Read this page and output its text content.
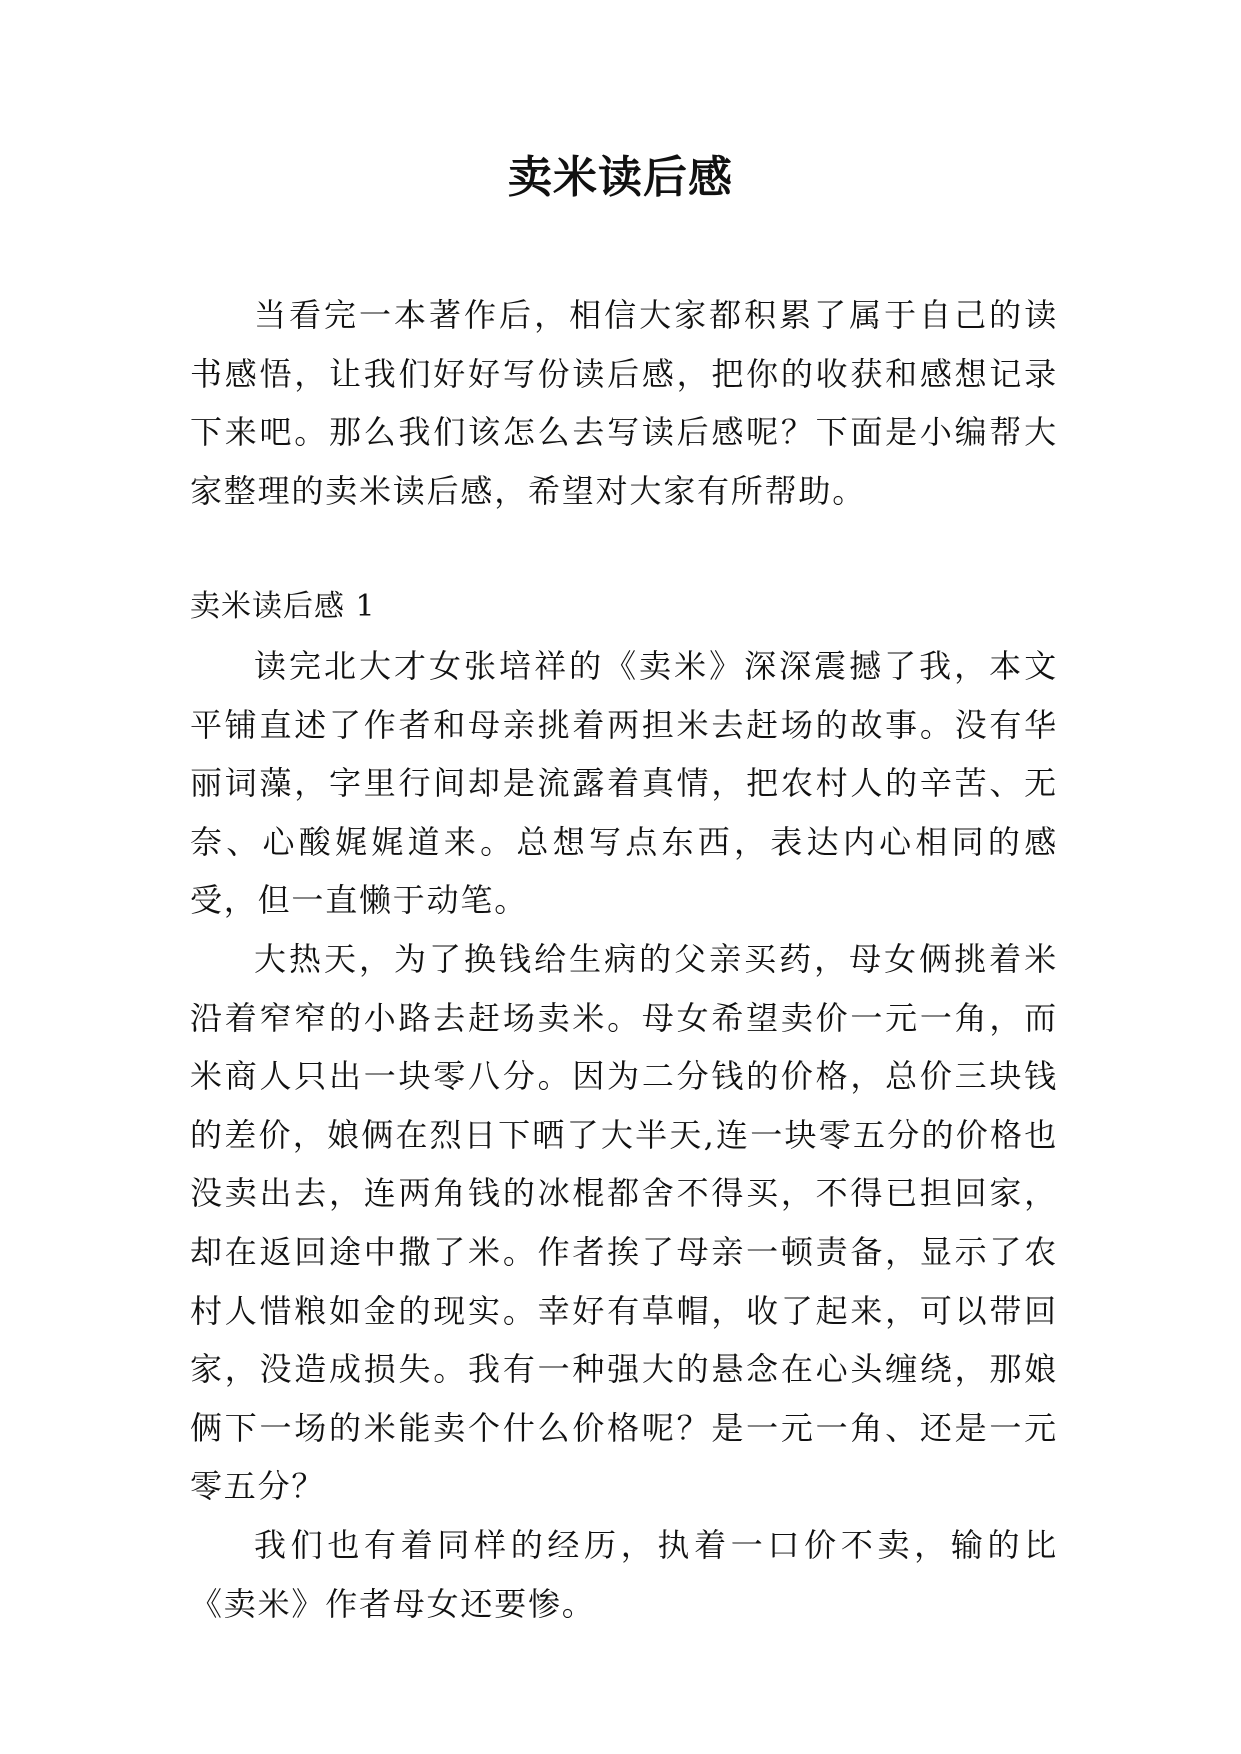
卖米读后感

当看完一本著作后，相信大家都积累了属于自己的读书感悟，让我们好好写份读后感，把你的收获和感想记录下来吧。那么我们该怎么去写读后感呢？下面是小编帮大家整理的卖米读后感，希望对大家有所帮助。

卖米读后感 1

读完北大才女张培祥的《卖米》深深震撼了我，本文平铺直述了作者和母亲挑着两担米去赶场的故事。没有华丽词藻，字里行间却是流露着真情，把农村人的辛苦、无奈、心酸娓娓道来。总想写点东西，表达内心相同的感受，但一直懒于动笔。

大热天，为了换钱给生病的父亲买药，母女俩挑着米沿着窄窄的小路去赶场卖米。母女希望卖价一元一角，而米商人只出一块零八分。因为二分钱的价格，总价三块钱的差价，娘俩在烈日下晒了大半天,连一块零五分的价格也没卖出去，连两角钱的冰棍都舍不得买，不得已担回家，却在返回途中撒了米。作者挨了母亲一顿责备，显示了农村人惜粮如金的现实。幸好有草帽，收了起来，可以带回家，没造成损失。我有一种强大的悬念在心头缠绕，那娘俩下一场的米能卖个什么价格呢？是一元一角、还是一元零五分？

我们也有着同样的经历，执着一口价不卖，输的比《卖米》作者母女还要惨。
